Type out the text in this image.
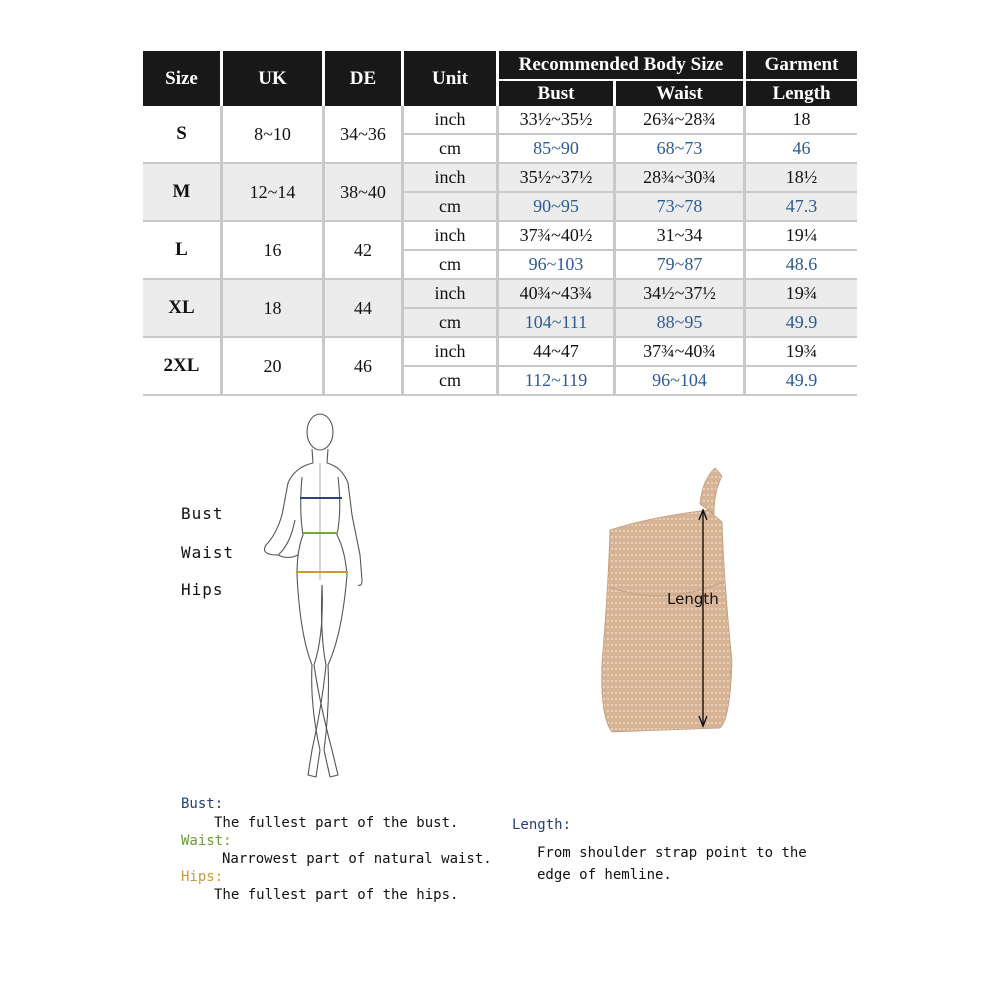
Size	UK	DE	Unit	Recommended Body Size		Garment
				Bust	Waist	Length
S	8~10	34~36	inch	33½~35½	26¾~28¾	18
			cm	85~90	68~73	46
M	12~14	38~40	inch	35½~37½	28¾~30¾	18½
			cm	90~95	73~78	47.3
L	16	42	inch	37¾~40½	31~34	19¼
			cm	96~103	79~87	48.6
XL	18	44	inch	40¾~43¾	34½~37½	19¾
			cm	104~111	88~95	49.9
2XL	20	46	inch	44~47	37¾~40¾	19¾
			cm	112~119	96~104	49.9
Bust
Waist
Hips	Length
Bust:
The fullest part of the bust.
Waist:
Narrowest part of natural waist.
Hips:
The fullest part of the hips.
Length:
From shoulder strap point to the
edge of hemline.
